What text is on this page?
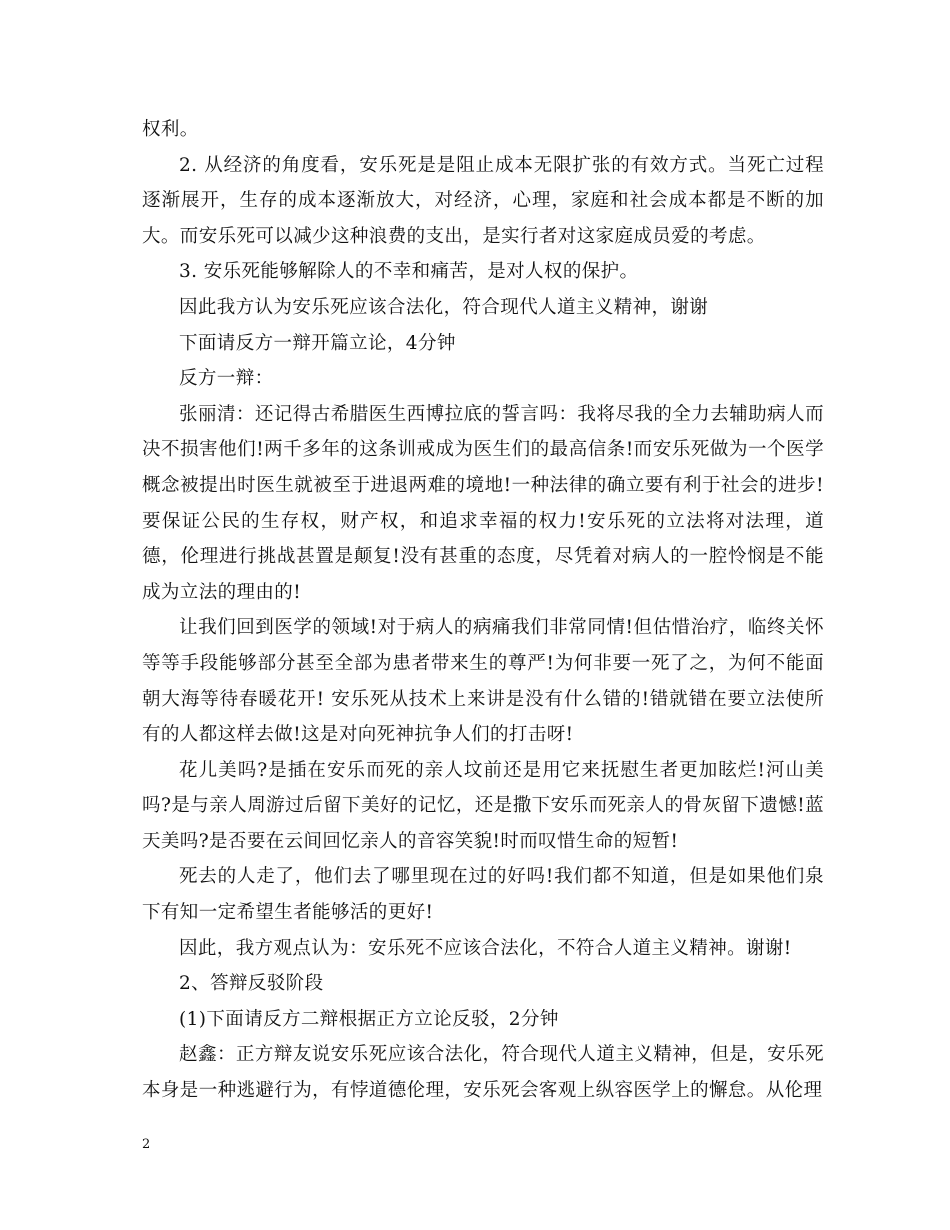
权利。

2. 从经济的角度看，安乐死是是阻止成本无限扩张的有效方式。当死亡过程逐渐展开，生存的成本逐渐放大，对经济，心理，家庭和社会成本都是不断的加大。而安乐死可以减少这种浪费的支出，是实行者对这家庭成员爱的考虑。

3. 安乐死能够解除人的不幸和痛苦，是对人权的保护。

因此我方认为安乐死应该合法化，符合现代人道主义精神，谢谢

下面请反方一辩开篇立论，4分钟

反方一辩：

张丽清：还记得古希腊医生西博拉底的誓言吗：我将尽我的全力去辅助病人而决不损害他们!两千多年的这条训戒成为医生们的最高信条!而安乐死做为一个医学概念被提出时医生就被至于进退两难的境地!一种法律的确立要有利于社会的进步!要保证公民的生存权，财产权，和追求幸福的权力!安乐死的立法将对法理，道德，伦理进行挑战甚置是颠复!没有甚重的态度，尽凭着对病人的一腔怜悯是不能成为立法的理由的!

让我们回到医学的领域!对于病人的病痛我们非常同情!但估惜治疗，临终关怀等等手段能够部分甚至全部为患者带来生的尊严!为何非要一死了之，为何不能面朝大海等待春暖花开! 安乐死从技术上来讲是没有什么错的!错就错在要立法使所有的人都这样去做!这是对向死神抗争人们的打击呀!

花儿美吗?是插在安乐而死的亲人坟前还是用它来抚慰生者更加眩烂!河山美吗?是与亲人周游过后留下美好的记忆，还是撒下安乐而死亲人的骨灰留下遗憾!蓝天美吗?是否要在云间回忆亲人的音容笑貌!时而叹惜生命的短暂!

死去的人走了，他们去了哪里现在过的好吗!我们都不知道，但是如果他们泉下有知一定希望生者能够活的更好!

因此，我方观点认为：安乐死不应该合法化，不符合人道主义精神。谢谢!

2、答辩反驳阶段

(1)下面请反方二辩根据正方立论反驳，2分钟

赵鑫：正方辩友说安乐死应该合法化，符合现代人道主义精神，但是，安乐死本身是一种逃避行为，有悖道德伦理，安乐死会客观上纵容医学上的懈怠。从伦理

2
